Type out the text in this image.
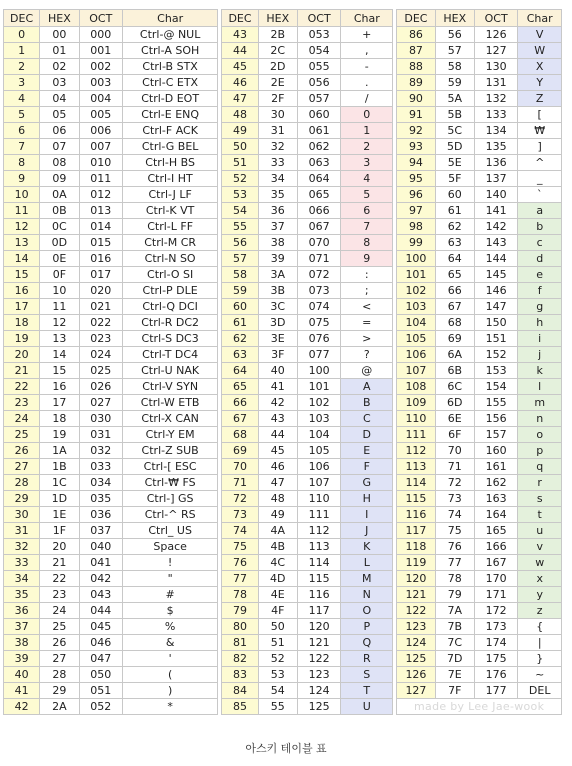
DEC	HEX	OCT	Char		DEC	HEX	OCT	Char		DEC	HEX	OCT	Char
0	00	000	Ctrl-@ NUL		43	2B	053	+		86	56	126	V
1	01	001	Ctrl-A SOH		44	2C	054	,		87	57	127	W
2	02	002	Ctrl-B STX		45	2D	055	-		88	58	130	X
3	03	003	Ctrl-C ETX		46	2E	056	.		89	59	131	Y
4	04	004	Ctrl-D EOT		47	2F	057	/		90	5A	132	Z
5	05	005	Ctrl-E ENQ		48	30	060	0		91	5B	133	[
6	06	006	Ctrl-F ACK		49	31	061	1		92	5C	134	₩
7	07	007	Ctrl-G BEL		50	32	062	2		93	5D	135	]
8	08	010	Ctrl-H BS		51	33	063	3		94	5E	136	^
9	09	011	Ctrl-I HT		52	34	064	4		95	5F	137	_
10	0A	012	Ctrl-J LF		53	35	065	5		96	60	140	`
11	0B	013	Ctrl-K VT		54	36	066	6		97	61	141	a
12	0C	014	Ctrl-L FF		55	37	067	7		98	62	142	b
13	0D	015	Ctrl-M CR		56	38	070	8		99	63	143	c
14	0E	016	Ctrl-N SO		57	39	071	9		100	64	144	d
15	0F	017	Ctrl-O SI		58	3A	072	:		101	65	145	e
16	10	020	Ctrl-P DLE		59	3B	073	;		102	66	146	f
17	11	021	Ctrl-Q DCI		60	3C	074	<		103	67	147	g
18	12	022	Ctrl-R DC2		61	3D	075	=		104	68	150	h
19	13	023	Ctrl-S DC3		62	3E	076	>		105	69	151	i
20	14	024	Ctrl-T DC4		63	3F	077	?		106	6A	152	j
21	15	025	Ctrl-U NAK		64	40	100	@		107	6B	153	k
22	16	026	Ctrl-V SYN		65	41	101	A		108	6C	154	l
23	17	027	Ctrl-W ETB		66	42	102	B		109	6D	155	m
24	18	030	Ctrl-X CAN		67	43	103	C		110	6E	156	n
25	19	031	Ctrl-Y EM		68	44	104	D		111	6F	157	o
26	1A	032	Ctrl-Z SUB		69	45	105	E		112	70	160	p
27	1B	033	Ctrl-[ ESC		70	46	106	F		113	71	161	q
28	1C	034	Ctrl-₩ FS		71	47	107	G		114	72	162	r
29	1D	035	Ctrl-] GS		72	48	110	H		115	73	163	s
30	1E	036	Ctrl-^ RS		73	49	111	I		116	74	164	t
31	1F	037	Ctrl_ US		74	4A	112	J		117	75	165	u
32	20	040	Space		75	4B	113	K		118	76	166	v
33	21	041	!		76	4C	114	L		119	77	167	w
34	22	042	"		77	4D	115	M		120	78	170	x
35	23	043	#		78	4E	116	N		121	79	171	y
36	24	044	$		79	4F	117	O		122	7A	172	z
37	25	045	%		80	50	120	P		123	7B	173	{
38	26	046	&		81	51	121	Q		124	7C	174	|
39	27	047	'		82	52	122	R		125	7D	175	}
40	28	050	(		83	53	123	S		126	7E	176	~
41	29	051	)		84	54	124	T		127	7F	177	DEL
42	2A	052	*		85	55	125	U		made by Lee Jae-wook			
아스키 테이블 표
